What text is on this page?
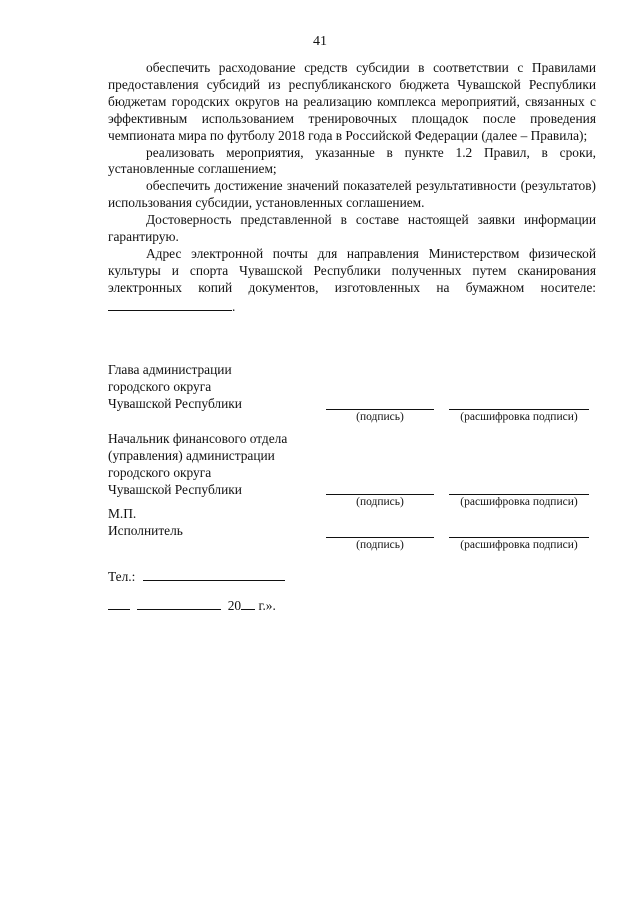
41

обеспечить расходование средств субсидии в соответствии с Правилами предоставления субсидий из республиканского бюджета Чувашской Республики бюджетам городских округов на реализацию комплекса мероприятий, связанных с эффективным использованием тренировочных площадок после проведения чемпионата мира по футболу 2018 года в Российской Федерации (далее – Правила);

реализовать мероприятия, указанные в пункте 1.2 Правил, в сроки, установленные соглашением;

обеспечить достижение значений показателей результативности (результатов) использования субсидии, установленных соглашением.

Достоверность представленной в составе настоящей заявки информации гарантирую.

Адрес электронной почты для направления Министерством физической культуры и спорта Чувашской Республики полученных путем сканирования электронных копий документов, изготовленных на бумажном носителе:

.
Глава администрации
городского округа
Чувашской Республики
(подпись)	(расшифровка подписи)
Начальник финансового отдела
(управления) администрации
городского округа
Чувашской Республики
(подпись)	(расшифровка подписи)
М.П.
Исполнитель
(подпись)	(расшифровка подписи)
Тел.:
20 г.».
